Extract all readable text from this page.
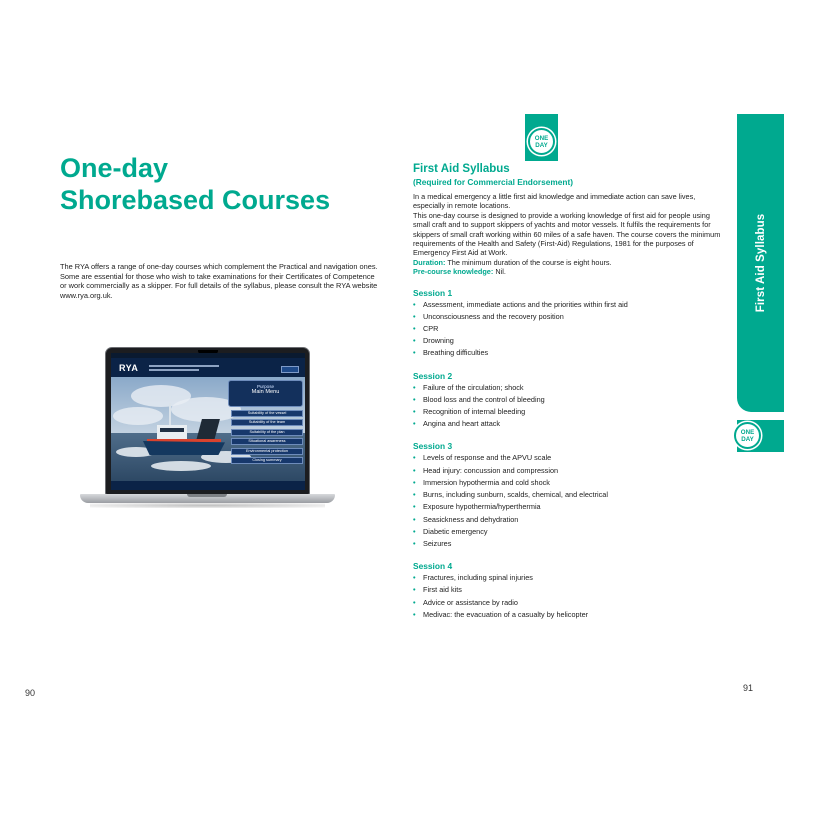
One-day
Shorebased Courses

The RYA offers a range of one-day courses which complement the Practical and navigation ones. Some are essential for those who wish to take examinations for their Certificates of Competence or work commercially as a skipper. For full details of the syllabus, please consult the RYA website www.rya.org.uk.

RYA
Purpose
Main Menu
Suitability of the vessel
Suitability of the team
Suitability of the plan
Situational awareness
Environmental protection
Closing summary
90
ONE
DAY
First Aid Syllabus
ONE
DAY
First Aid Syllabus
(Required for Commercial Endorsement)

In a medical emergency a little first aid knowledge and immediate action can save lives, especially in remote locations.

This one-day course is designed to provide a working knowledge of first aid for people using small craft and to support skippers of yachts and motor vessels. It fulfils the requirements for skippers of small craft working within 60 miles of a safe haven. The course covers the minimum requirements of the Health and Safety (First-Aid) Regulations, 1981 for the purposes of Emergency First Aid at Work.

Duration: The minimum duration of the course is eight hours.

Pre-course knowledge: Nil.

Session 1
• Assessment, immediate actions and the priorities within first aid
• Unconsciousness and the recovery position
• CPR
• Drowning
• Breathing difficulties
Session 2
• Failure of the circulation; shock
• Blood loss and the control of bleeding
• Recognition of internal bleeding
• Angina and heart attack
Session 3
• Levels of response and the APVU scale
• Head injury: concussion and compression
• Immersion hypothermia and cold shock
• Burns, including sunburn, scalds, chemical, and electrical
• Exposure hypothermia/hyperthermia
• Seasickness and dehydration
• Diabetic emergency
• Seizures
Session 4
• Fractures, including spinal injuries
• First aid kits
• Advice or assistance by radio
• Medivac: the evacuation of a casualty by helicopter
91
